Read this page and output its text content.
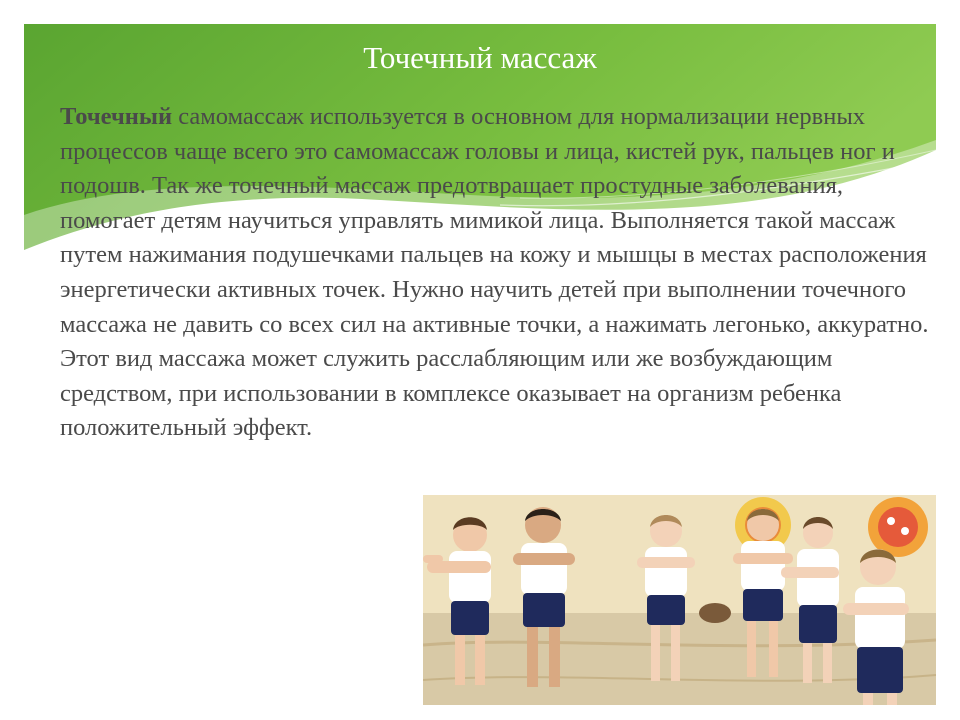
Точечный массаж
Точечный самомассаж используется в основном для нормализации нервных процессов чаще всего это самомассаж головы и лица, кистей рук, пальцев ног и подошв. Так же точечный массаж предотвращает простудные заболевания, помогает детям научиться управлять мимикой лица. Выполняется такой массаж путем нажимания подушечками пальцев на кожу и мышцы в местах расположения энергетически активных точек. Нужно научить детей при выполнении точечного массажа не давить со всех сил на активные точки, а нажимать легонько, аккуратно. Этот вид массажа может служить расслабляющим или же возбуждающим средством, при использовании в комплексе оказывает на организм ребенка положительный эффект.
